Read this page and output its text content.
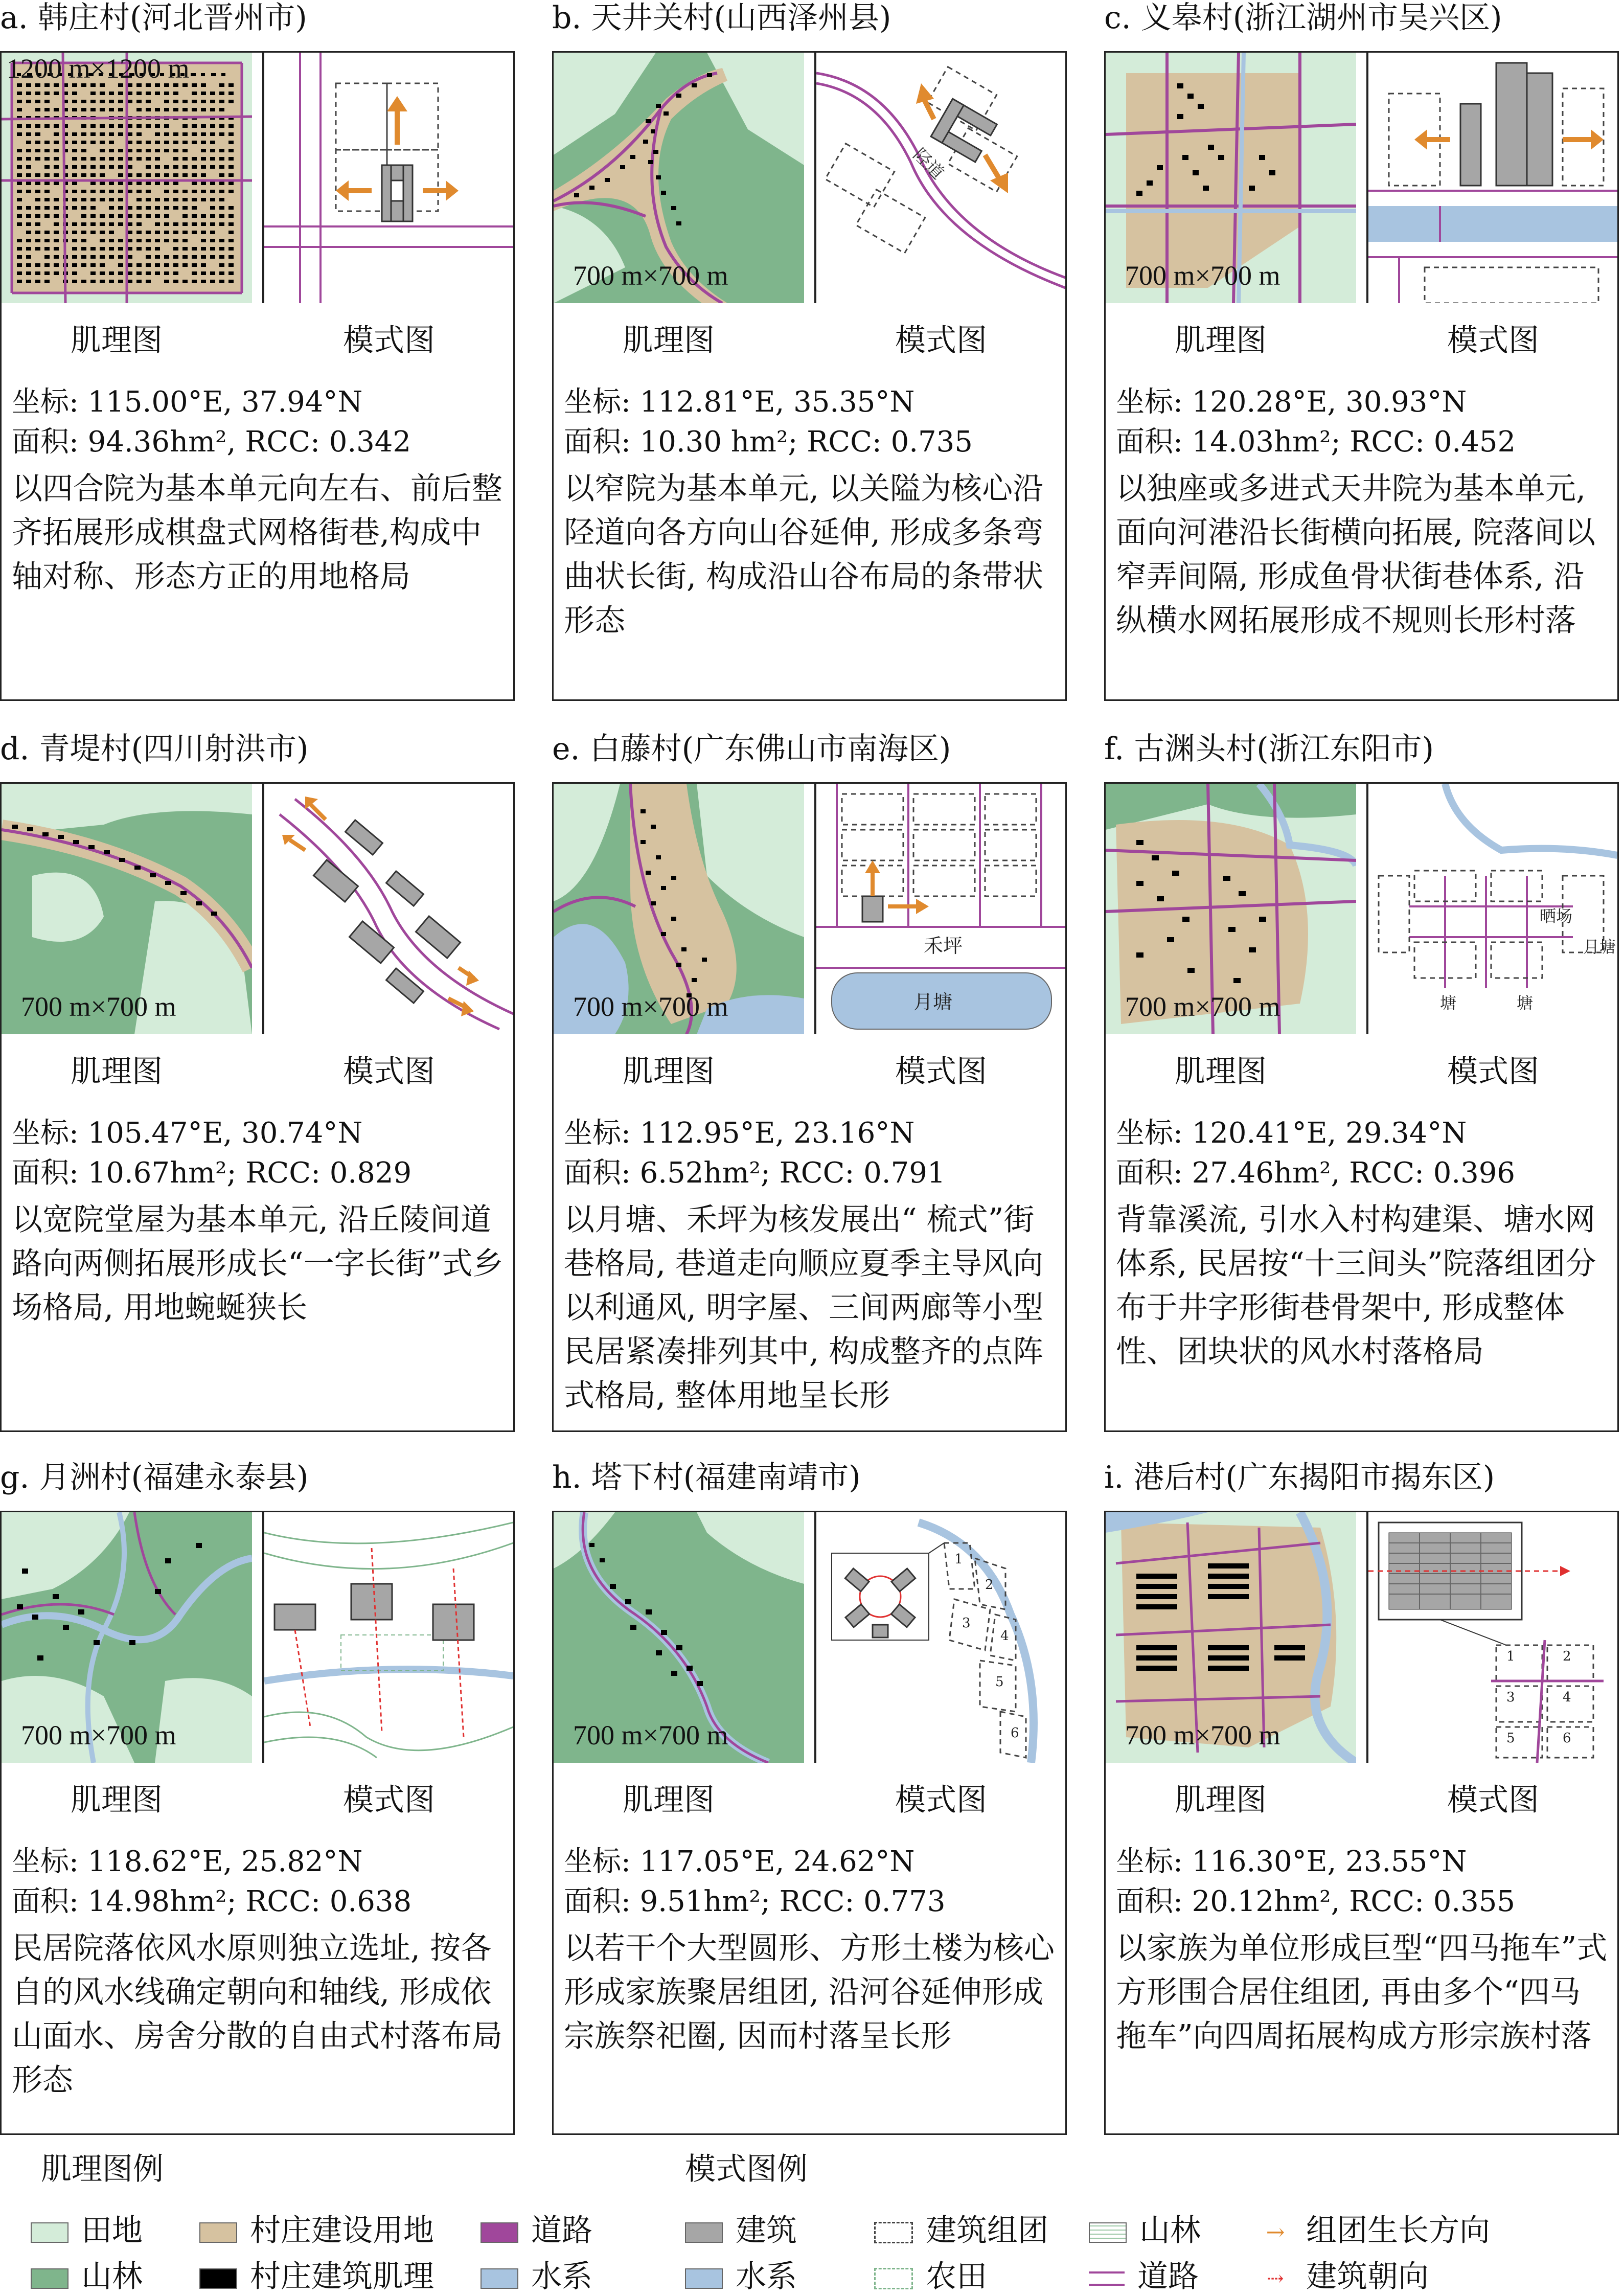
a. 韩庄村(河北晋州市)
1200 m×1200 m
肌理图	模式图
坐标: 115.00°E, 37.94°N
面积: 94.36hm², RCC: 0.342
以四合院为基本单元向左右、前后整齐拓展形成棋盘式网格街巷,构成中轴对称、形态方正的用地格局
b. 天井关村(山西泽州县)
700 m×700 m
陉道
肌理图	模式图
坐标: 112.81°E, 35.35°N
面积: 10.30 hm²; RCC: 0.735
以窄院为基本单元, 以关隘为核心沿陉道向各方向山谷延伸, 形成多条弯曲状长街, 构成沿山谷布局的条带状形态
c. 义皋村(浙江湖州市吴兴区)
700 m×700 m
肌理图	模式图
坐标: 120.28°E, 30.93°N
面积: 14.03hm²; RCC: 0.452
以独座或多进式天井院为基本单元, 面向河港沿长街横向拓展, 院落间以窄弄间隔, 形成鱼骨状街巷体系, 沿纵横水网拓展形成不规则长形村落
d. 青堤村(四川射洪市)
700 m×700 m
肌理图	模式图
坐标: 105.47°E, 30.74°N
面积: 10.67hm²; RCC: 0.829
以宽院堂屋为基本单元, 沿丘陵间道路向两侧拓展形成长“一字长街”式乡场格局, 用地蜿蜒狭长
e. 白藤村(广东佛山市南海区)
700 m×700 m
禾坪
月塘
肌理图	模式图
坐标: 112.95°E, 23.16°N
面积: 6.52hm²; RCC: 0.791
以月塘、禾坪为核发展出“ 梳式”街巷格局, 巷道走向顺应夏季主导风向以利通风, 明字屋、三间两廊等小型民居紧凑排列其中, 构成整齐的点阵式格局, 整体用地呈长形
f. 古渊头村(浙江东阳市)
700 m×700 m
晒场
月塘
塘	塘
肌理图	模式图
坐标: 120.41°E, 29.34°N
面积: 27.46hm², RCC: 0.396
背靠溪流, 引水入村构建渠、塘水网体系, 民居按“十三间头”院落组团分布于井字形街巷骨架中, 形成整体性、团块状的风水村落格局
g. 月洲村(福建永泰县)
700 m×700 m
肌理图	模式图
坐标: 118.62°E, 25.82°N
面积: 14.98hm²; RCC: 0.638
民居院落依风水原则独立选址, 按各自的风水线确定朝向和轴线, 形成依山面水、房舍分散的自由式村落布局形态
h. 塔下村(福建南靖市)
700 m×700 m
1
2
3
4
5
6
肌理图	模式图
坐标: 117.05°E, 24.62°N
面积: 9.51hm²; RCC: 0.773
以若干个大型圆形、方形土楼为核心形成家族聚居组团, 沿河谷延伸形成宗族祭祀圈, 因而村落呈长形
i. 港后村(广东揭阳市揭东区)
700 m×700 m
1	2
3	4
5	6
肌理图	模式图
坐标: 116.30°E, 23.55°N
面积: 20.12hm², RCC: 0.355
以家族为单位形成巨型“四马拖车”式方形围合居住组团, 再由多个“四马拖车”向四周拓展构成方形宗族村落
肌理图例	模式图例
田地	村庄建设用地	道路
山林	村庄建筑肌理	水系
建筑	建筑组团	山林	→ 组团生长方向
水系	农田	道路	⇢ 建筑朝向
